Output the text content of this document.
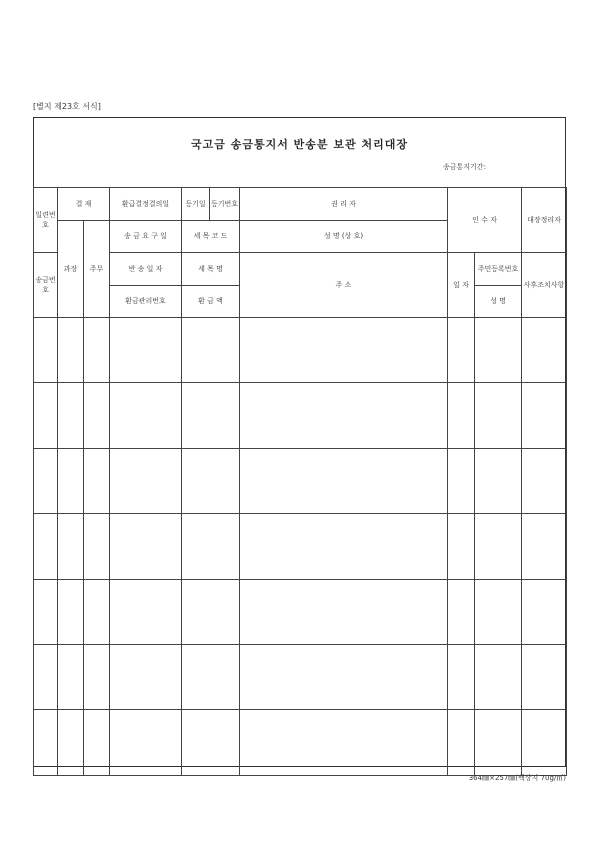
[별지 제23호 서식]
국고금 송금통지서 반송분 보관 처리대장
송금통지기간:
일련번호	결 재		환급결정결의일	등기일	등기번호	권 리 자	인 수 자		대장정리자
	과장	주무	송 금 요 구 일	세 목 코 드		성 명 (상 호)			
송금번호			반 송 일 자	세 목 명		주 소	일 자	주민등록번호	사후조치사항
			환금관리번호	환 금 액				성 명	

364㎜×257㎜(백상지 70g/㎡)
